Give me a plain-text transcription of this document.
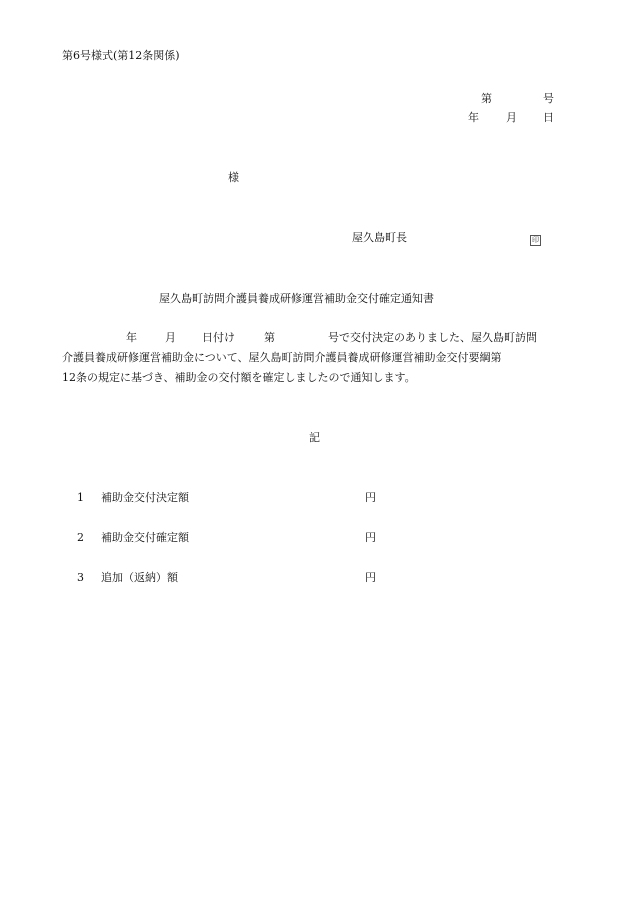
第6号様式(第12条関係)
第	号
年 月 日
様
屋久島町長	印
屋久島町訪問介護員養成研修運営補助金交付確定通知書
年	月 日付け	第	号で交付決定のありました、屋久島町訪問
介護員養成研修運営補助金について、屋久島町訪問介護員養成研修運営補助金交付要綱第
12条の規定に基づき、補助金の交付額を確定しましたので通知します。
記
1 補助金交付決定額	円
2 補助金交付確定額	円
3 追加（返納）額	円
